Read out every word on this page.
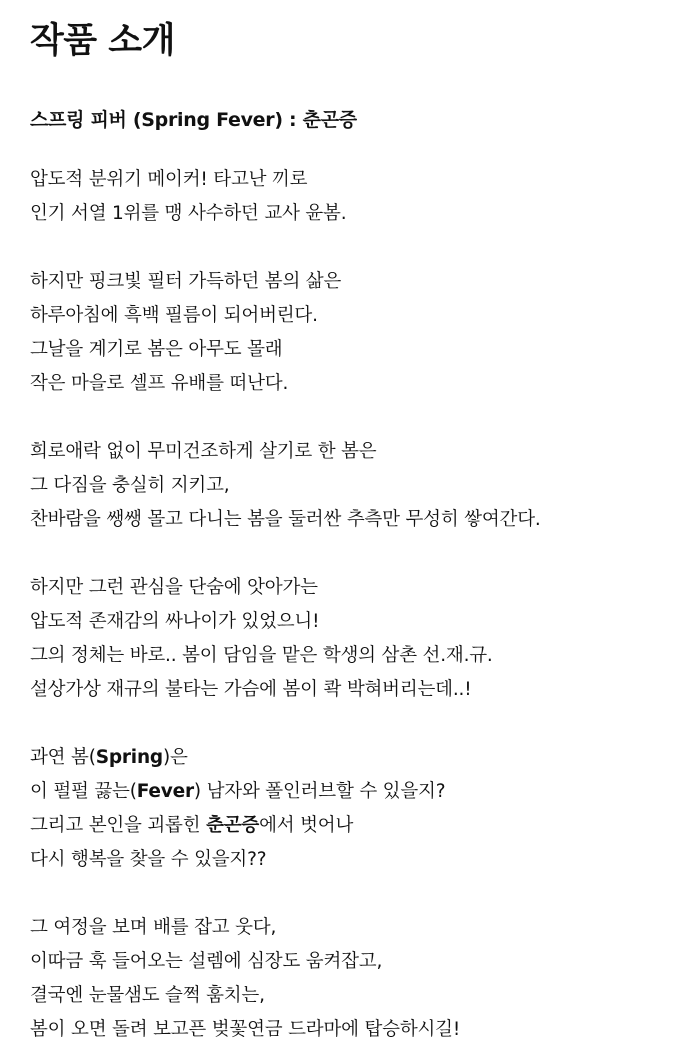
작품 소개
스프링 피버 (Spring Fever) : 춘곤증
압도적 분위기 메이커! 타고난 끼로
인기 서열 1위를 맹 사수하던 교사 윤봄.
하지만 핑크빛 필터 가득하던 봄의 삶은
하루아침에 흑백 필름이 되어버린다.
그날을 계기로 봄은 아무도 몰래
작은 마을로 셀프 유배를 떠난다.
희로애락 없이 무미건조하게 살기로 한 봄은
그 다짐을 충실히 지키고,
찬바람을 쌩쌩 몰고 다니는 봄을 둘러싼 추측만 무성히 쌓여간다.
하지만 그런 관심을 단숨에 앗아가는
압도적 존재감의 싸나이가 있었으니!
그의 정체는 바로.. 봄이 담임을 맡은 학생의 삼촌 선.재.규.
설상가상 재규의 불타는 가슴에 봄이 콱 박혀버리는데..!
과연 봄(Spring)은
이 펄펄 끓는(Fever) 남자와 폴인러브할 수 있을지?
그리고 본인을 괴롭힌 춘곤증에서 벗어나
다시 행복을 찾을 수 있을지??
그 여정을 보며 배를 잡고 웃다,
이따금 훅 들어오는 설렘에 심장도 움켜잡고,
결국엔 눈물샘도 슬쩍 훔치는,
봄이 오면 돌려 보고픈 벚꽃연금 드라마에 탑승하시길!
